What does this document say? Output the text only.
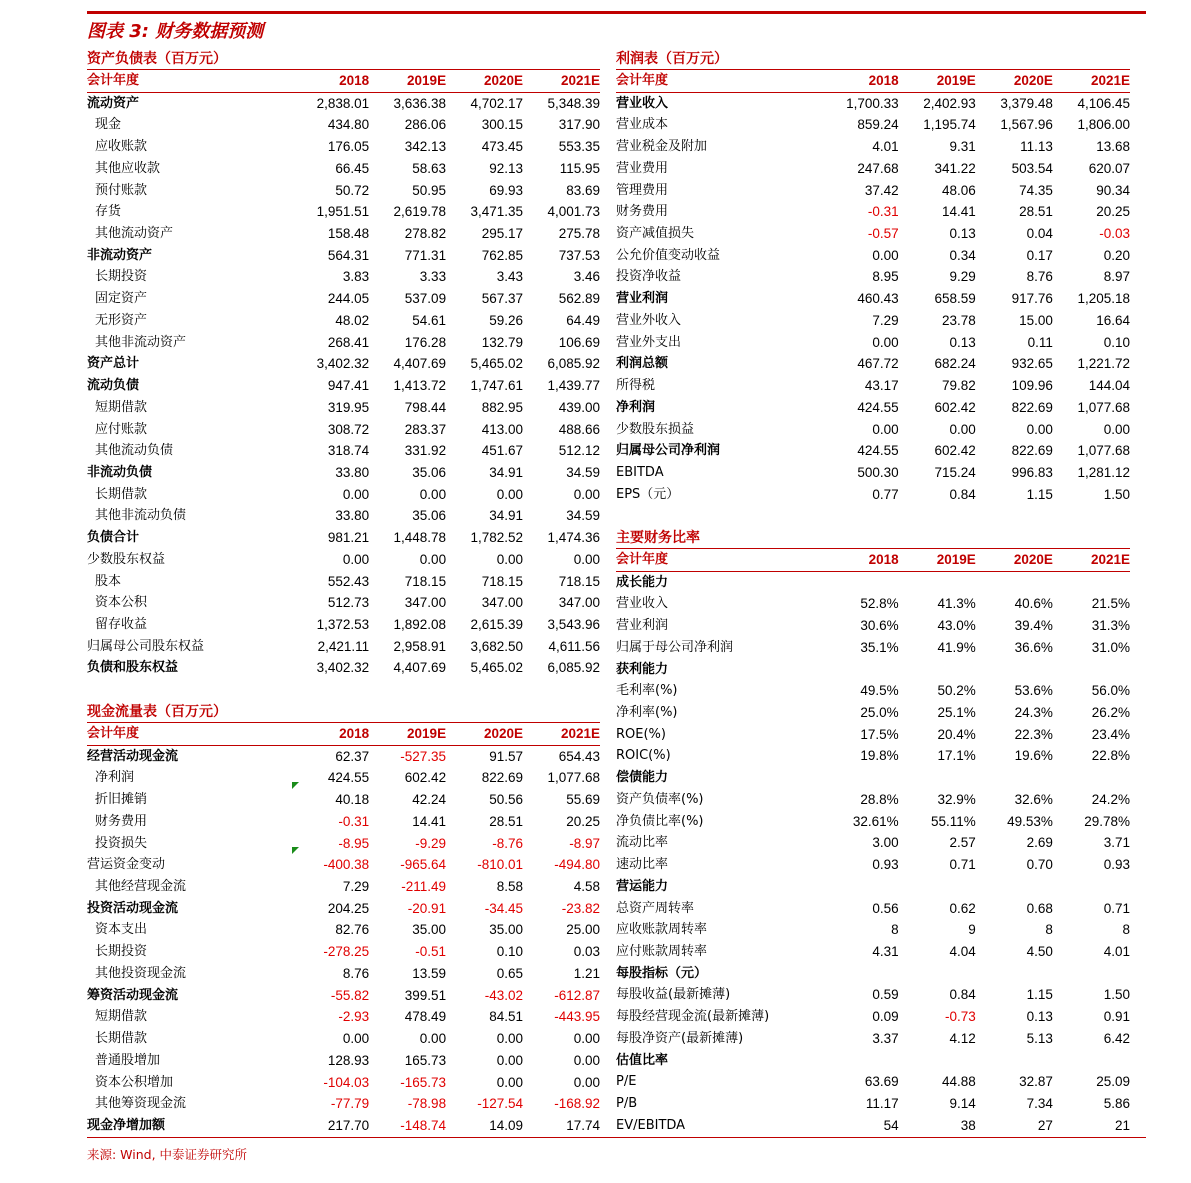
图表 3: 财务数据预测
资产负债表（百万元）
会计年度	2018	2019E	2020E	2021E
流动资产	2,838.01	3,636.38	4,702.17	5,348.39
现金	434.80	286.06	300.15	317.90
应收账款	176.05	342.13	473.45	553.35
其他应收款	66.45	58.63	92.13	115.95
预付账款	50.72	50.95	69.93	83.69
存货	1,951.51	2,619.78	3,471.35	4,001.73
其他流动资产	158.48	278.82	295.17	275.78
非流动资产	564.31	771.31	762.85	737.53
长期投资	3.83	3.33	3.43	3.46
固定资产	244.05	537.09	567.37	562.89
无形资产	48.02	54.61	59.26	64.49
其他非流动资产	268.41	176.28	132.79	106.69
资产总计	3,402.32	4,407.69	5,465.02	6,085.92
流动负债	947.41	1,413.72	1,747.61	1,439.77
短期借款	319.95	798.44	882.95	439.00
应付账款	308.72	283.37	413.00	488.66
其他流动负债	318.74	331.92	451.67	512.12
非流动负债	33.80	35.06	34.91	34.59
长期借款	0.00	0.00	0.00	0.00
其他非流动负债	33.80	35.06	34.91	34.59
负债合计	981.21	1,448.78	1,782.52	1,474.36
少数股东权益	0.00	0.00	0.00	0.00
股本	552.43	718.15	718.15	718.15
资本公积	512.73	347.00	347.00	347.00
留存收益	1,372.53	1,892.08	2,615.39	3,543.96
归属母公司股东权益	2,421.11	2,958.91	3,682.50	4,611.56
负债和股东权益	3,402.32	4,407.69	5,465.02	6,085.92
现金流量表（百万元）
会计年度	2018	2019E	2020E	2021E
经营活动现金流	62.37	-527.35	91.57	654.43
净利润	424.55	602.42	822.69	1,077.68
折旧摊销	40.18	42.24	50.56	55.69
财务费用	-0.31	14.41	28.51	20.25
投资损失	-8.95	-9.29	-8.76	-8.97
营运资金变动	-400.38	-965.64	-810.01	-494.80
其他经营现金流	7.29	-211.49	8.58	4.58
投资活动现金流	204.25	-20.91	-34.45	-23.82
资本支出	82.76	35.00	35.00	25.00
长期投资	-278.25	-0.51	0.10	0.03
其他投资现金流	8.76	13.59	0.65	1.21
筹资活动现金流	-55.82	399.51	-43.02	-612.87
短期借款	-2.93	478.49	84.51	-443.95
长期借款	0.00	0.00	0.00	0.00
普通股增加	128.93	165.73	0.00	0.00
资本公积增加	-104.03	-165.73	0.00	0.00
其他筹资现金流	-77.79	-78.98	-127.54	-168.92
现金净增加额	217.70	-148.74	14.09	17.74
利润表（百万元）
会计年度	2018	2019E	2020E	2021E
营业收入	1,700.33	2,402.93	3,379.48	4,106.45
营业成本	859.24	1,195.74	1,567.96	1,806.00
营业税金及附加	4.01	9.31	11.13	13.68
营业费用	247.68	341.22	503.54	620.07
管理费用	37.42	48.06	74.35	90.34
财务费用	-0.31	14.41	28.51	20.25
资产减值损失	-0.57	0.13	0.04	-0.03
公允价值变动收益	0.00	0.34	0.17	0.20
投资净收益	8.95	9.29	8.76	8.97
营业利润	460.43	658.59	917.76	1,205.18
营业外收入	7.29	23.78	15.00	16.64
营业外支出	0.00	0.13	0.11	0.10
利润总额	467.72	682.24	932.65	1,221.72
所得税	43.17	79.82	109.96	144.04
净利润	424.55	602.42	822.69	1,077.68
少数股东损益	0.00	0.00	0.00	0.00
归属母公司净利润	424.55	602.42	822.69	1,077.68
EBITDA	500.30	715.24	996.83	1,281.12
EPS（元）	0.77	0.84	1.15	1.50
主要财务比率
会计年度	2018	2019E	2020E	2021E
成长能力				
营业收入	52.8%	41.3%	40.6%	21.5%
营业利润	30.6%	43.0%	39.4%	31.3%
归属于母公司净利润	35.1%	41.9%	36.6%	31.0%
获利能力				
毛利率(%)	49.5%	50.2%	53.6%	56.0%
净利率(%)	25.0%	25.1%	24.3%	26.2%
ROE(%)	17.5%	20.4%	22.3%	23.4%
ROIC(%)	19.8%	17.1%	19.6%	22.8%
偿债能力				
资产负债率(%)	28.8%	32.9%	32.6%	24.2%
净负债比率(%)	32.61%	55.11%	49.53%	29.78%
流动比率	3.00	2.57	2.69	3.71
速动比率	0.93	0.71	0.70	0.93
营运能力				
总资产周转率	0.56	0.62	0.68	0.71
应收账款周转率	8	9	8	8
应付账款周转率	4.31	4.04	4.50	4.01
每股指标（元）				
每股收益(最新摊薄)	0.59	0.84	1.15	1.50
每股经营现金流(最新摊薄)	0.09	-0.73	0.13	0.91
每股净资产(最新摊薄)	3.37	4.12	5.13	6.42
估值比率				
P/E	63.69	44.88	32.87	25.09
P/B	11.17	9.14	7.34	5.86
EV/EBITDA	54	38	27	21
来源: Wind, 中泰证券研究所
